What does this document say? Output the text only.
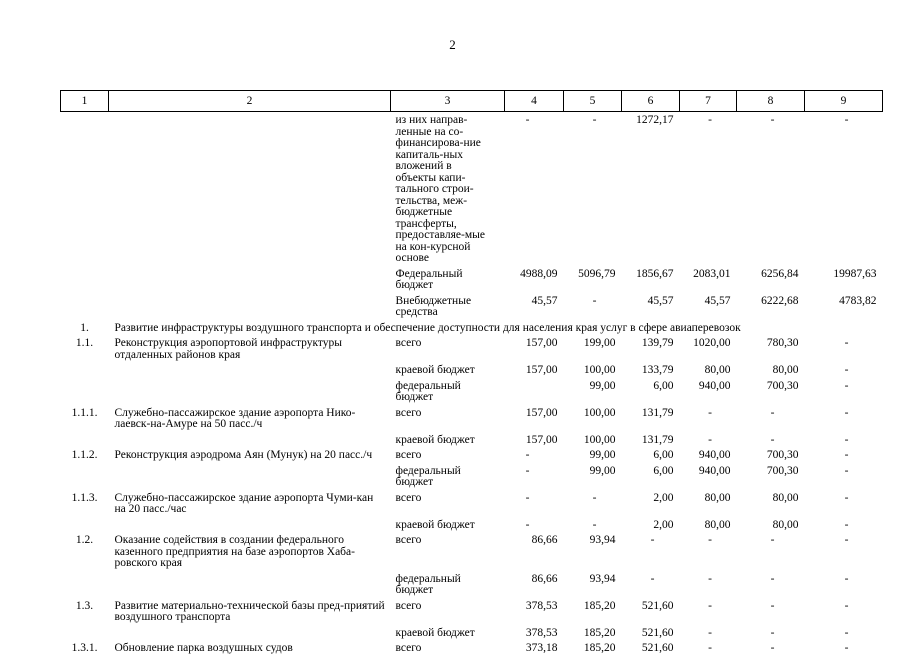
2
1	2	3	4	5	6	7	8	9

		из них направ-ленные на со-финансирова-ние капиталь-ных вложений в объекты капи-тального строи-тельства, меж-бюджетные трансферты, предоставляе-мые на кон-курсной основе	-	-	1272,17	-	-	-

		Федеральный бюджет	4988,09	5096,79	1856,67	2083,01	6256,84	19987,63

		Внебюджетные средства	45,57	-	45,57	45,57	6222,68	4783,82
1.	Развитие инфраструктуры воздушного транспорта и обеспечение доступности для населения края услуг в сфере авиаперевозок							
1.1.	Реконструкция аэропортовой инфраструктуры отдаленных районов края	всего	157,00	199,00	139,79	1020,00	780,30	-
		краевой бюджет	157,00	100,00	133,79	80,00	80,00	-

		федеральный бюджет		99,00	6,00	940,00	700,30	-
1.1.1.	Служебно-пассажирское здание аэропорта Нико-лаевск-на-Амуре на 50 пасс./ч	всего	157,00	100,00	131,79	-	-	-
		краевой бюджет	157,00	100,00	131,79	-	-	-
1.1.2.	Реконструкция аэродрома Аян (Мунук) на 20 пасс./ч	всего	-	99,00	6,00	940,00	700,30	-

		федеральный бюджет	-	99,00	6,00	940,00	700,30	-
1.1.3.	Служебно-пассажирское здание аэропорта Чуми-кан на 20 пасс./час	всего	-	-	2,00	80,00	80,00	-
		краевой бюджет	-	-	2,00	80,00	80,00	-
1.2.	Оказание содействия в создании федерального казенного предприятия на базе аэропортов Хаба-ровского края	всего	86,66	93,94	-	-	-	-

		федеральный бюджет	86,66	93,94	-	-	-	-
1.3.	Развитие материально-технической базы пред-приятий воздушного транспорта	всего	378,53	185,20	521,60	-	-	-
		краевой бюджет	378,53	185,20	521,60	-	-	-
1.3.1.	Обновление парка воздушных судов	всего	373,18	185,20	521,60	-	-	-
